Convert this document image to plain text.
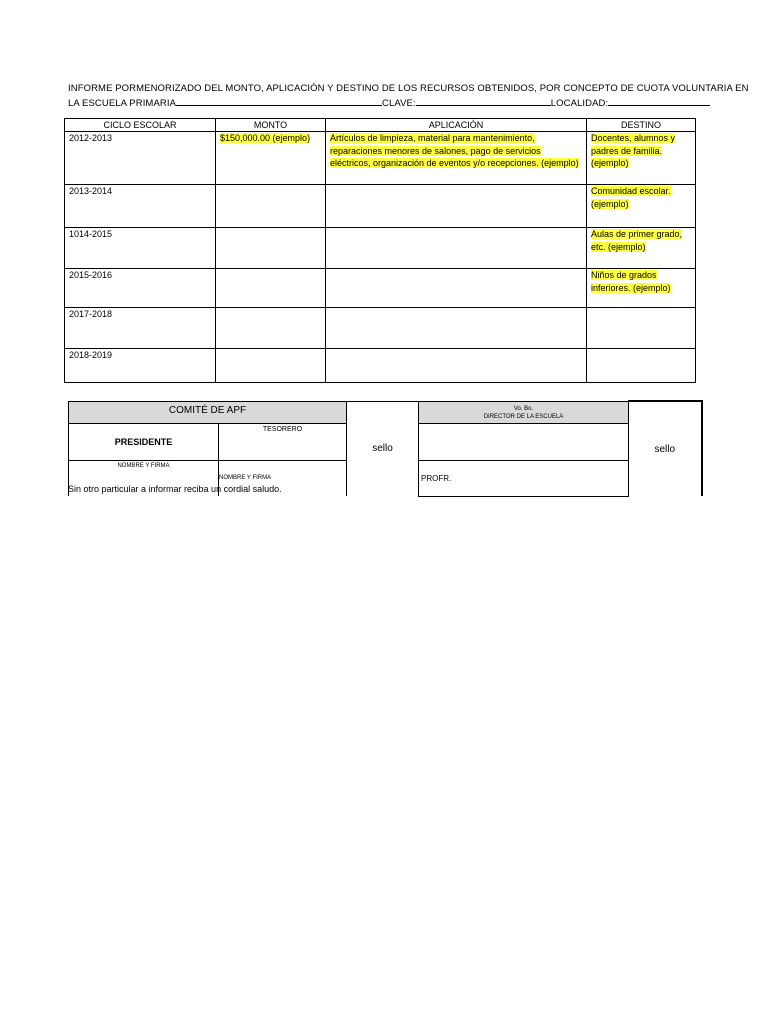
INFORME PORMENORIZADO DEL MONTO, APLICACIÓN Y DESTINO DE LOS RECURSOS OBTENIDOS, POR CONCEPTO DE CUOTA VOLUNTARIA EN
LA ESCUELA PRIMARIA	CLAVE:	LOCALIDAD:
CICLO ESCOLAR	MONTO	APLICACIÓN	DESTINO
2012-2013	$150,000.00 (ejemplo)	Artículos de limpieza, material para mantenimiento, reparaciones menores de salones, pago de servicios eléctricos, organización de eventos y/o recepciones. (ejemplo)	Docentes, alumnos y padres de familia. (ejemplo)
2013-2014			Comunidad escolar. (ejemplo)
1014-2015			Aulas de primer grado, etc. (ejemplo)
2015-2016			Niños de grados inferiores. (ejemplo)
2017-2018			
2018-2019			
COMITÉ DE APF		sello	Vo. Bo.
DIRECTOR DE LA ESCUELA	sello
PRESIDENTE	TESORERO			
NOMBRE Y FIRMA	NOMBRE Y FIRMA		PROFR.	
Sin otro particular a informar reciba un cordial saludo.
